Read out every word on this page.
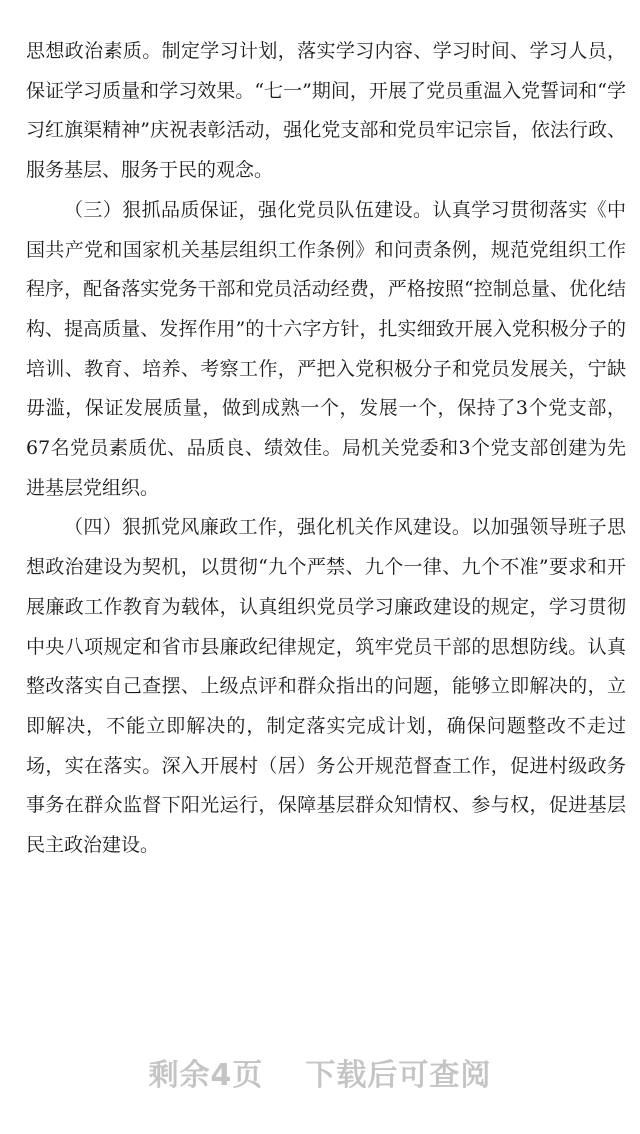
思想政治素质。制定学习计划，落实学习内容、学习时间、学习人员，保证学习质量和学习效果。“七一”期间，开展了党员重温入党誓词和“学习红旗渠精神”庆祝表彰活动，强化党支部和党员牢记宗旨，依法行政、服务基层、服务于民的观念。

（三）狠抓品质保证，强化党员队伍建设。认真学习贯彻落实《中国共产党和国家机关基层组织工作条例》和问责条例，规范党组织工作程序，配备落实党务干部和党员活动经费，严格按照“控制总量、优化结构、提高质量、发挥作用”的十六字方针，扎实细致开展入党积极分子的培训、教育、培养、考察工作，严把入党积极分子和党员发展关，宁缺毋滥，保证发展质量，做到成熟一个，发展一个，保持了3个党支部，67名党员素质优、品质良、绩效佳。局机关党委和3个党支部创建为先进基层党组织。

（四）狠抓党风廉政工作，强化机关作风建设。以加强领导班子思想政治建设为契机，以贯彻“九个严禁、九个一律、九个不准”要求和开展廉政工作教育为载体，认真组织党员学习廉政建设的规定，学习贯彻中央八项规定和省市县廉政纪律规定，筑牢党员干部的思想防线。认真整改落实自己查摆、上级点评和群众指出的问题，能够立即解决的，立即解决，不能立即解决的，制定落实完成计划，确保问题整改不走过场，实在落实。深入开展村（居）务公开规范督查工作，促进村级政务事务在群众监督下阳光运行，保障基层群众知情权、参与权，促进基层民主政治建设。

剩余4页 下载后可查阅
